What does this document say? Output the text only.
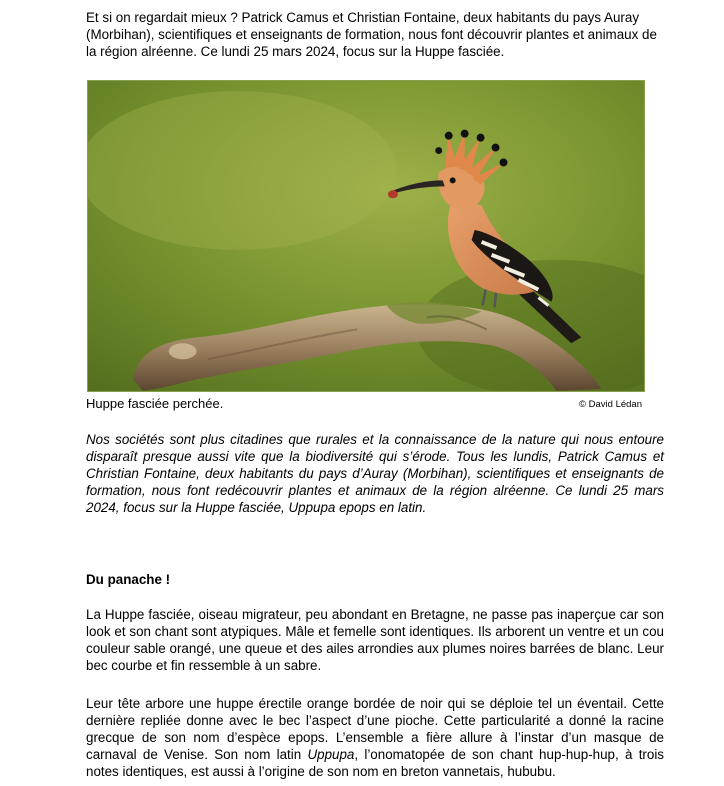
Et si on regardait mieux ? Patrick Camus et Christian Fontaine, deux habitants du pays Auray (Morbihan), scientifiques et enseignants de formation, nous font découvrir plantes et animaux de la région alréenne. Ce lundi 25 mars 2024, focus sur la Huppe fasciée.

Huppe fasciée perchée.	© David Lédan

Nos sociétés sont plus citadines que rurales et la connaissance de la nature qui nous entoure disparaît presque aussi vite que la biodiversité qui s’érode. Tous les lundis, Patrick Camus et Christian Fontaine, deux habitants du pays d’Auray (Morbihan), scientifiques et enseignants de formation, nous font redécouvrir plantes et animaux de la région alréenne. Ce lundi 25 mars 2024, focus sur la Huppe fasciée, Uppupa epops en latin.

Du panache !

La Huppe fasciée, oiseau migrateur, peu abondant en Bretagne, ne passe pas inaperçue car son look et son chant sont atypiques. Mâle et femelle sont identiques. Ils arborent un ventre et un cou couleur sable orangé, une queue et des ailes arrondies aux plumes noires barrées de blanc. Leur bec courbe et fin ressemble à un sabre.

Leur tête arbore une huppe érectile orange bordée de noir qui se déploie tel un éventail. Cette dernière repliée donne avec le bec l’aspect d’une pioche. Cette particularité a donné la racine grecque de son nom d’espèce epops. L’ensemble a fière allure à l’instar d’un masque de carnaval de Venise. Son nom latin Uppupa, l’onomatopée de son chant hup-hup-hup, à trois notes identiques, est aussi à l’origine de son nom en breton vannetais, hububu.
